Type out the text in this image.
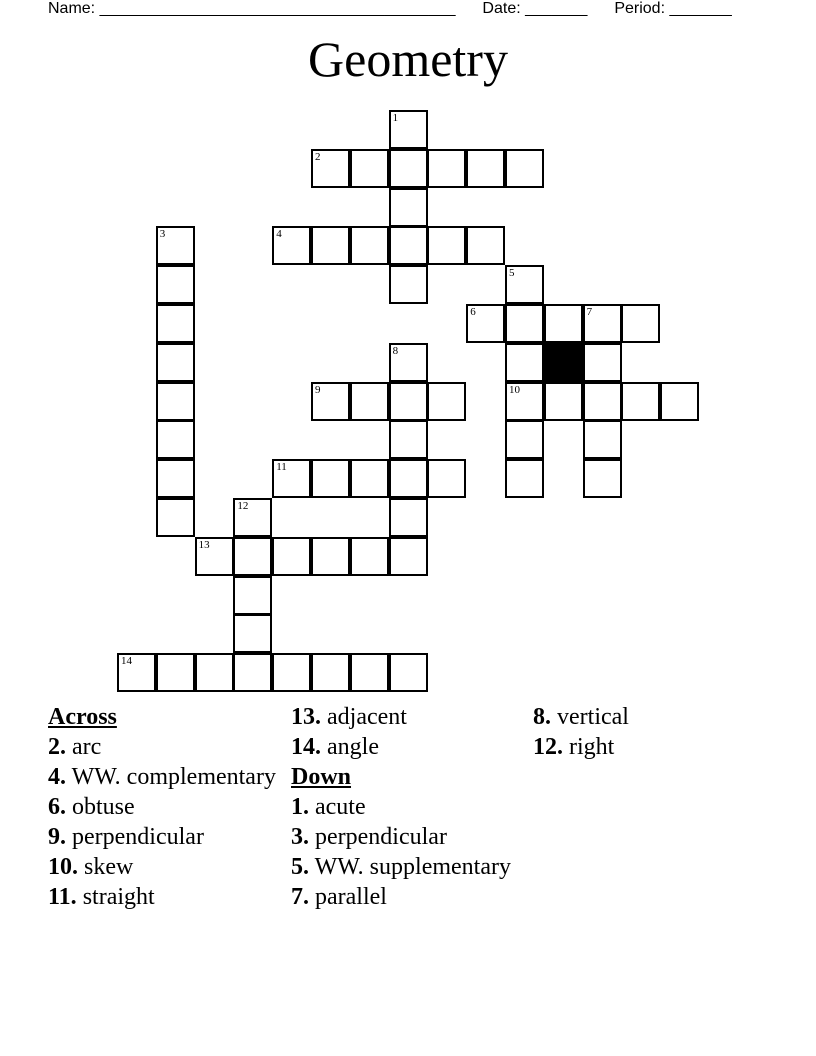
Name: ________________________________________ Date: _______ Period: _______
Geometry
1
2
3	4
5
6	7
8
9	10
11
12
13
14

Across

2. arc

4. WW. complementary

6. obtuse

9. perpendicular

10. skew

11. straight

13. adjacent

14. angle

Down

1. acute

3. perpendicular

5. WW. supplementary

7. parallel

8. vertical

12. right
